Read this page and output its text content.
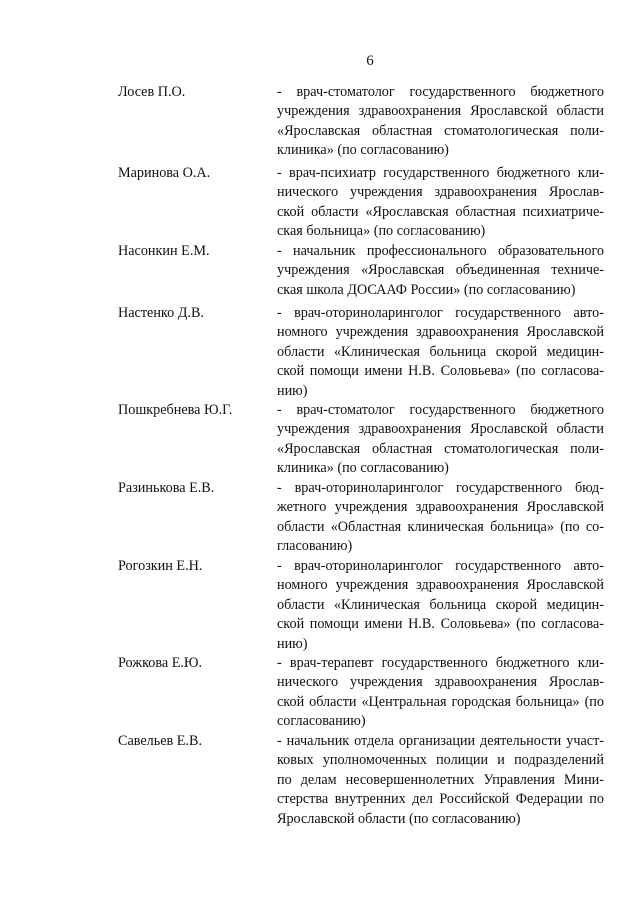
6
Лосев П.О.	- врач-стоматолог государственного бюджетного
учреждения здравоохранения Ярославской области
«Ярославская областная стоматологическая поли-
клиника» (по согласованию)
Маринова О.А.	- врач-психиатр государственного бюджетного кли-
нического учреждения здравоохранения Ярослав-
ской области «Ярославская областная психиатриче-
ская больница» (по согласованию)
Насонкин Е.М.	- начальник профессионального образовательного
учреждения «Ярославская объединенная техниче-
ская школа ДОСААФ России» (по согласованию)
Настенко Д.В.	- врач-оториноларинголог государственного авто-
номного учреждения здравоохранения Ярославской
области «Клиническая больница скорой медицин-
ской помощи имени Н.В. Соловьева» (по согласова-
нию)
Пошкребнева Ю.Г.	- врач-стоматолог государственного бюджетного
учреждения здравоохранения Ярославской области
«Ярославская областная стоматологическая поли-
клиника» (по согласованию)
Разинькова Е.В.	- врач-оториноларинголог государственного бюд-
жетного учреждения здравоохранения Ярославской
области «Областная клиническая больница» (по со-
гласованию)
Рогозкин Е.Н.	- врач-оториноларинголог государственного авто-
номного учреждения здравоохранения Ярославской
области «Клиническая больница скорой медицин-
ской помощи имени Н.В. Соловьева» (по согласова-
нию)
Рожкова Е.Ю.	- врач-терапевт государственного бюджетного кли-
нического учреждения здравоохранения Ярослав-
ской области «Центральная городская больница» (по
согласованию)
Савельев Е.В.	- начальник отдела организации деятельности участ-
ковых уполномоченных полиции и подразделений
по делам несовершеннолетних Управления Мини-
стерства внутренних дел Российской Федерации по
Ярославской области (по согласованию)
